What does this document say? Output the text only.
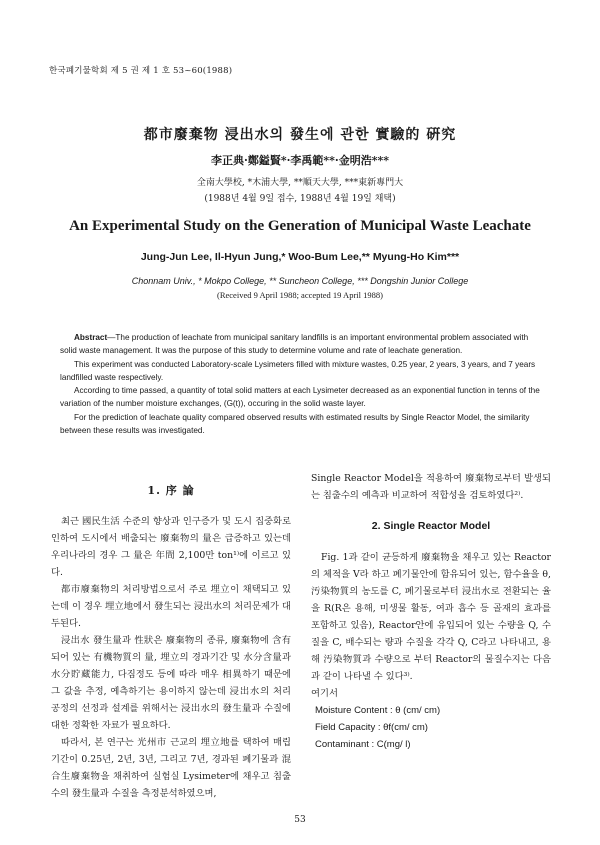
한국폐기물학회 제 5 권 제 1 호 53~60(1988)
都市廢棄物 浸出水의 發生에 관한 實驗的 硏究
李正典·鄭鎰賢*·李禹範**·金明浩***
全南大學校, *木浦大學, **順天大學, ***東新專門大
(1988년 4월 9일 접수, 1988년 4월 19일 채택)
An Experimental Study on the Generation of Municipal Waste Leachate
Jung-Jun Lee, Il-Hyun Jung,* Woo-Bum Lee,** Myung-Ho Kim***
Chonnam Univ., * Mokpo College, ** Suncheon College, *** Dongshin Junior College
(Received 9 April 1988; accepted 19 April 1988)

Abstract—The production of leachate from municipal sanitary landfills is an important environmental problem associated with solid waste management. It was the purpose of this study to determine volume and rate of leachate generation.

This experiment was conducted Laboratory-scale Lysimeters filled with mixture wastes, 0.25 year, 2 years, 3 years, and 7 years landfilled waste respectively.

According to time passed, a quantity of total solid matters at each Lysimeter decreased as an exponential function in tenns of the variation of the number moisture exchanges, (G(t)), occuring in the solid waste layer.

For the prediction of leachate quality compared observed results with estimated results by Single Reactor Model, the similarity between these results was investigated.

1. 序 論

최근 國民生活 수준의 향상과 인구증가 및 도시 집중화로 인하여 도시에서 배출되는 廢棄物의 量은 급증하고 있는데 우리나라의 경우 그 量은 年間 2,100만 ton¹⁾에 이르고 있다.

都市廢棄物의 처리방법으로서 주로 埋立이 채택되고 있는데 이 경우 埋立地에서 發生되는 浸出水의 처리문제가 대두된다.

浸出水 發生量과 性狀은 廢棄物의 종류, 廢棄物에 含有되어 있는 有機物質의 量, 埋立의 경과기간 및 水分含量과 水分貯藏能力, 다짐정도 등에 따라 매우 相異하기 때문에 그 값을 추정, 예측하기는 용이하지 않는데 浸出水의 처리공정의 선정과 설계를 위해서는 浸出水의 發生量과 수질에 대한 정확한 자료가 필요하다.

따라서, 본 연구는 光州市 근교의 埋立地를 택하여 매립기간이 0.25년, 2년, 3년, 그리고 7년, 경과된 폐기물과 混合生廢棄物을 채취하여 실험실 Lysimeter에 채우고 침출수의 發生量과 수질을 측정분석하였으며,

Single Reactor Model을 적용하여 廢棄物로부터 발생되는 침출수의 예측과 비교하여 적합성을 검토하였다²⁾.

2. Single Reactor Model

Fig. 1과 같이 균등하게 廢棄物을 채우고 있는 Reactor의 체적을 V라 하고 폐기물안에 함유되어 있는, 함수율을 θ, 汚染物質의 농도를 C, 폐기물로부터 浸出水로 전환되는 율을 R(R은 용해, 미생물 활동, 여과 흡수 등 골재의 효과를 포함하고 있음), Reactor안에 유입되어 있는 수량을 Q, 수질을 C, 배수되는 량과 수질을 각각 Q, C라고 나타내고, 용해 汚染物質과 수량으로 부터 Reactor의 물질수지는 다음과 같이 나타낼 수 있다³⁾.

여기서

Moisture Content : θ (cm/ cm)

Field Capacity : θf(cm/ cm)

Contaminant : C(mg/ l)

53
